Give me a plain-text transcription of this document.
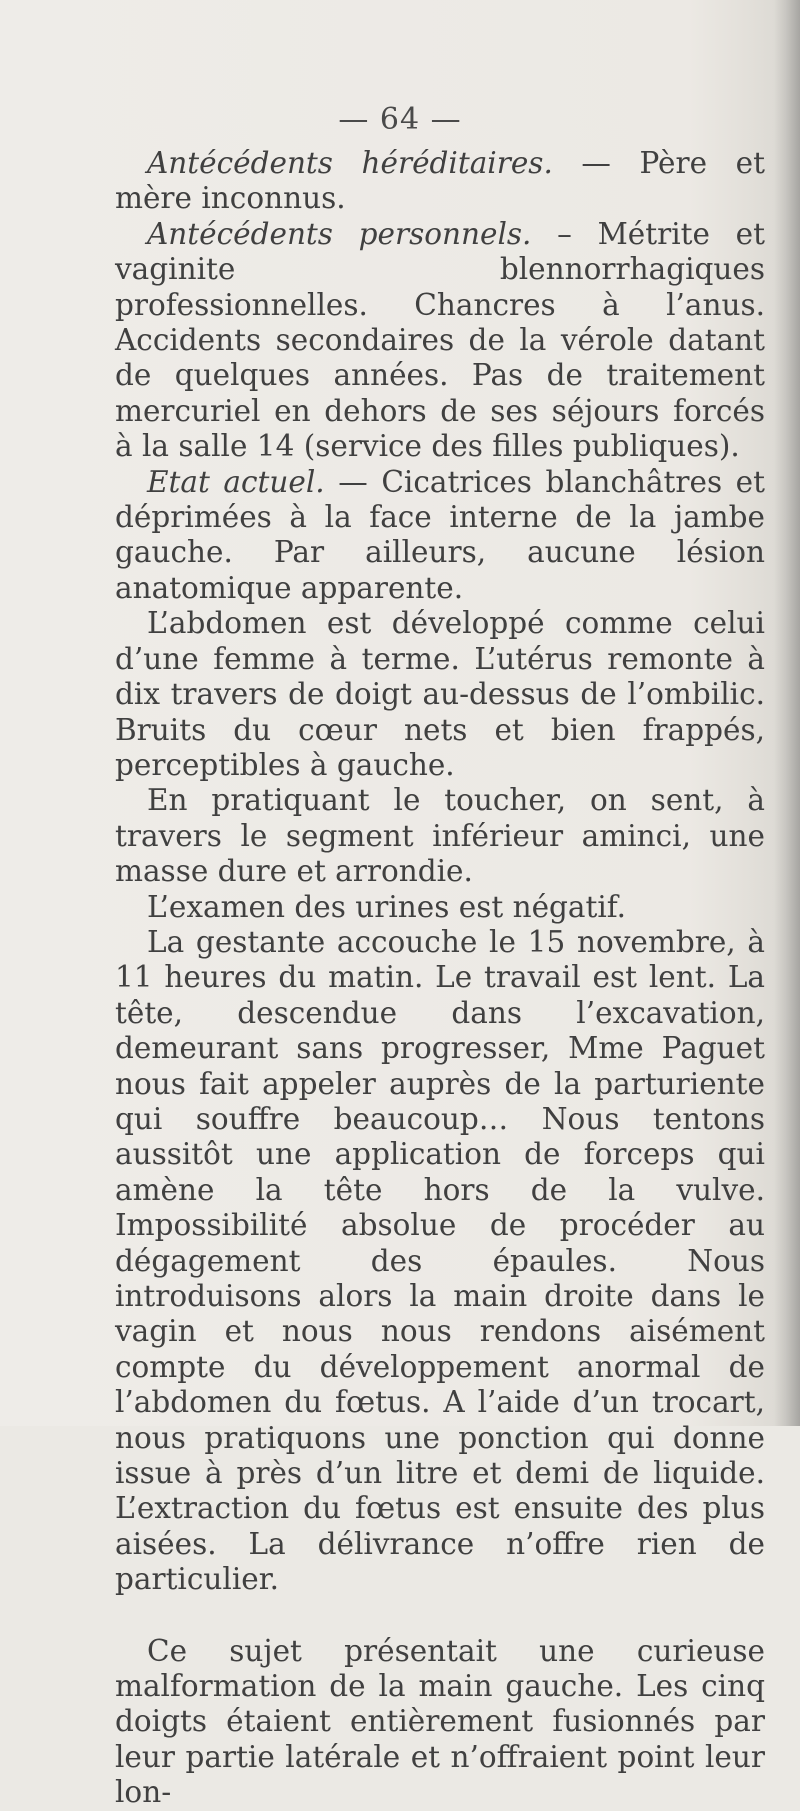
— 64 —

Antécédents héréditaires. — Père et mère inconnus.

Antécédents personnels. – Métrite et vaginite blennorrhagiques professionnelles. Chancres à l’anus. Accidents secondaires de la vérole datant de quelques années. Pas de traitement mercuriel en dehors de ses séjours forcés à la salle 14 (service des filles publiques).

Etat actuel. — Cicatrices blanchâtres et déprimées à la face interne de la jambe gauche. Par ailleurs, aucune lésion anatomique apparente.

L’abdomen est développé comme celui d’une femme à terme. L’utérus remonte à dix travers de doigt au-dessus de l’ombilic. Bruits du cœur nets et bien frappés, perceptibles à gauche.

En pratiquant le toucher, on sent, à travers le segment inférieur aminci, une masse dure et arrondie.

L’examen des urines est négatif.

La gestante accouche le 15 novembre, à 11 heures du matin. Le travail est lent. La tête, descendue dans l’excavation, demeurant sans progresser, Mme Paguet nous fait appeler auprès de la parturiente qui souffre beaucoup… Nous tentons aussitôt une application de forceps qui amène la tête hors de la vulve. Impossibilité absolue de procéder au dégagement des épaules. Nous introduisons alors la main droite dans le vagin et nous nous rendons aisément compte du développement anormal de l’abdomen du fœtus. A l’aide d’un trocart, nous pratiquons une ponction qui donne issue à près d’un litre et demi de liquide. L’extraction du fœtus est ensuite des plus aisées. La délivrance n’offre rien de particulier.

Ce sujet présentait une curieuse malformation de la main gauche. Les cinq doigts étaient entièrement fusionnés par leur partie latérale et n’offraient point leur lon-
